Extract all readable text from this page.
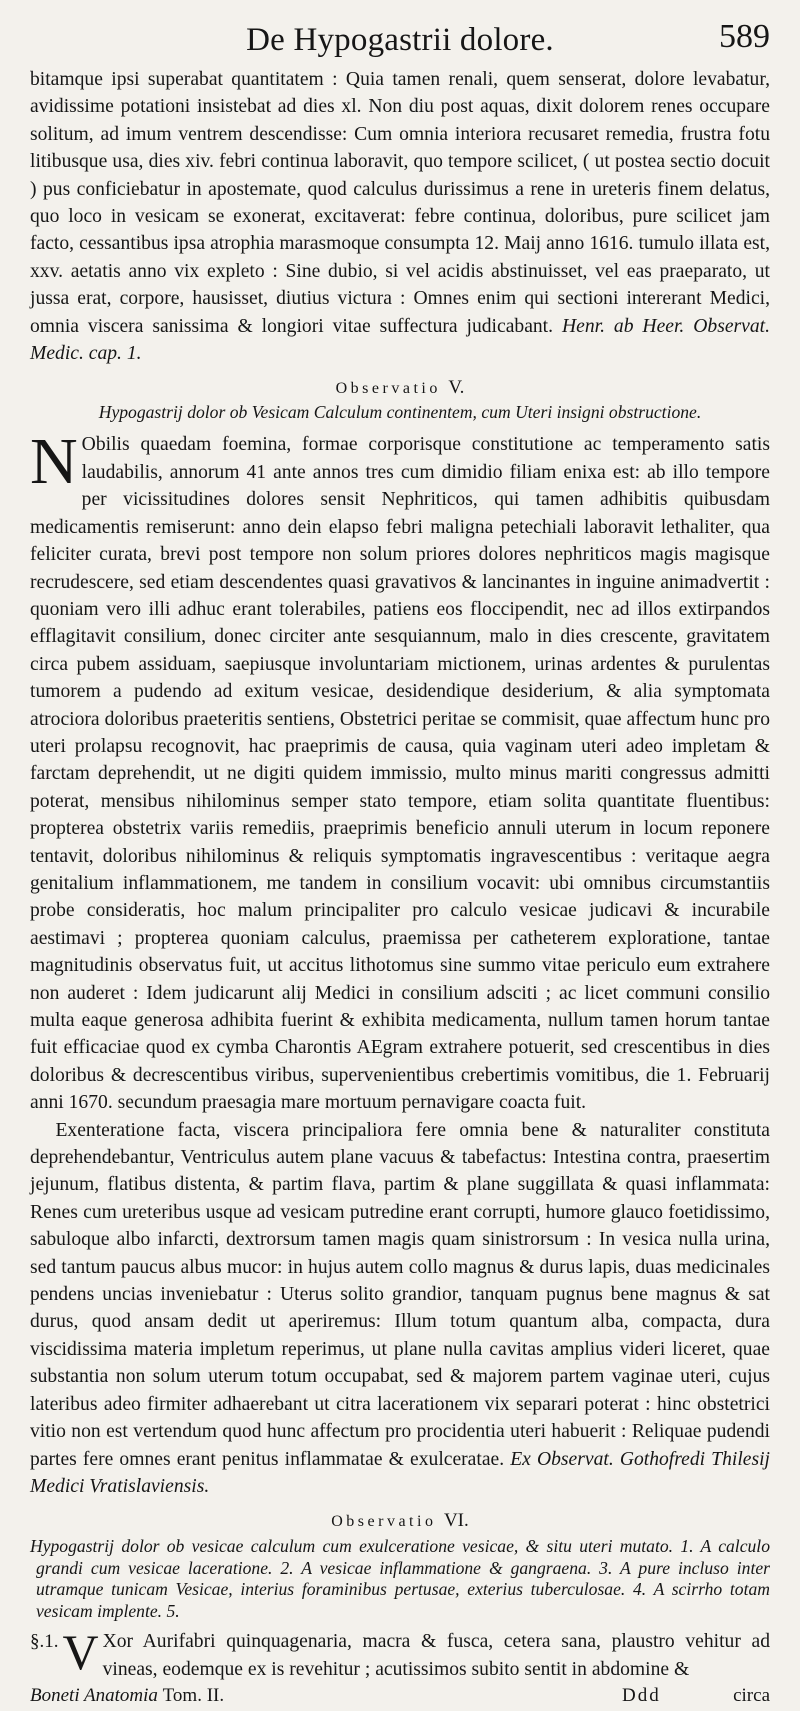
De Hypogastrii dolore.	589

bitamque ipsi superabat quantitatem : Quia tamen renali, quem senserat, dolore levabatur, avidissime potationi insistebat ad dies xl. Non diu post aquas, dixit dolorem renes occupare solitum, ad imum ventrem descendisse: Cum omnia interiora recusaret remedia, frustra fotu litibusque usa, dies xiv. febri continua laboravit, quo tempore scilicet, ( ut postea sectio docuit ) pus conficiebatur in apostemate, quod calculus durissimus a rene in ureteris finem delatus, quo loco in vesicam se exonerat, excitaverat: febre continua, doloribus, pure scilicet jam facto, cessantibus ipsa atrophia marasmoque consumpta 12. Maij anno 1616. tumulo illata est, xxv. aetatis anno vix expleto : Sine dubio, si vel acidis abstinuisset, vel eas praeparato, ut jussa erat, corpore, hausisset, diutius victura : Omnes enim qui sectioni intererant Medici, omnia viscera sanissima & longiori vitae suffectura judicabant. Henr. ab Heer. Observat. Medic. cap. 1.

Observatio V.

Hypogastrij dolor ob Vesicam Calculum continentem, cum Uteri insigni obstructione.

N Obilis quaedam foemina, formae corporisque constitutione ac temperamento satis laudabilis, annorum 41 ante annos tres cum dimidio filiam enixa est: ab illo tempore per vicissitudines dolores sensit Nephriticos, qui tamen adhibitis quibusdam medicamentis remiserunt: anno dein elapso febri maligna petechiali laboravit lethaliter, qua feliciter curata, brevi post tempore non solum priores dolores nephriticos magis magisque recrudescere, sed etiam descendentes quasi gravativos & lancinantes in inguine animadvertit : quoniam vero illi adhuc erant tolerabiles, patiens eos floccipendit, nec ad illos extirpandos efflagitavit consilium, donec circiter ante sesquiannum, malo in dies crescente, gravitatem circa pubem assiduam, saepiusque involuntariam mictionem, urinas ardentes & purulentas tumorem a pudendo ad exitum vesicae, desidendique desiderium, & alia symptomata atrociora doloribus praeteritis sentiens, Obstetrici peritae se commisit, quae affectum hunc pro uteri prolapsu recognovit, hac praeprimis de causa, quia vaginam uteri adeo impletam & farctam deprehendit, ut ne digiti quidem immissio, multo minus mariti congressus admitti poterat, mensibus nihilominus semper stato tempore, etiam solita quantitate fluentibus: propterea obstetrix variis remediis, praeprimis beneficio annuli uterum in locum reponere tentavit, doloribus nihilominus & reliquis symptomatis ingravescentibus : veritaque aegra genitalium inflammationem, me tandem in consilium vocavit: ubi omnibus circumstantiis probe consideratis, hoc malum principaliter pro calculo vesicae judicavi & incurabile aestimavi ; propterea quoniam calculus, praemissa per catheterem exploratione, tantae magnitudinis observatus fuit, ut accitus lithotomus sine summo vitae periculo eum extrahere non auderet : Idem judicarunt alij Medici in consilium adsciti ; ac licet communi consilio multa eaque generosa adhibita fuerint & exhibita medicamenta, nullum tamen horum tantae fuit efficaciae quod ex cymba Charontis AEgram extrahere potuerit, sed crescentibus in dies doloribus & decrescentibus viribus, supervenientibus crebertimis vomitibus, die 1. Februarij anni 1670. secundum praesagia mare mortuum pernavigare coacta fuit.

Exenteratione facta, viscera principaliora fere omnia bene & naturaliter constituta deprehendebantur, Ventriculus autem plane vacuus & tabefactus: Intestina contra, praesertim jejunum, flatibus distenta, & partim flava, partim & plane suggillata & quasi inflammata: Renes cum ureteribus usque ad vesicam putredine erant corrupti, humore glauco foetidissimo, sabuloque albo infarcti, dextrorsum tamen magis quam sinistrorsum : In vesica nulla urina, sed tantum paucus albus mucor: in hujus autem collo magnus & durus lapis, duas medicinales pendens uncias inveniebatur : Uterus solito grandior, tanquam pugnus bene magnus & sat durus, quod ansam dedit ut aperiremus: Illum totum quantum alba, compacta, dura viscidissima materia impletum reperimus, ut plane nulla cavitas amplius videri liceret, quae substantia non solum uterum totum occupabat, sed & majorem partem vaginae uteri, cujus lateribus adeo firmiter adhaerebant ut citra lacerationem vix separari poterat : hinc obstetrici vitio non est vertendum quod hunc affectum pro procidentia uteri habuerit : Reliquae pudendi partes fere omnes erant penitus inflammatae & exulceratae. Ex Observat. Gothofredi Thilesij Medici Vratislaviensis.

Observatio VI.

Hypogastrij dolor ob vesicae calculum cum exulceratione vesicae, & situ uteri mutato. 1. A calculo grandi cum vesicae laceratione. 2. A vesicae inflammatione & gangraena. 3. A pure incluso inter utramque tunicam Vesicae, interius foraminibus pertusae, exterius tuberculosae. 4. A scirrho totam vesicam implente. 5.

§.1. V Xor Aurifabri quinquagenaria, macra & fusca, cetera sana, plaustro vehitur ad vineas, eodemque ex is revehitur ; acutissimos subito sentit in abdomine &

Boneti Anatomia Tom. II.	Ddd	circa
